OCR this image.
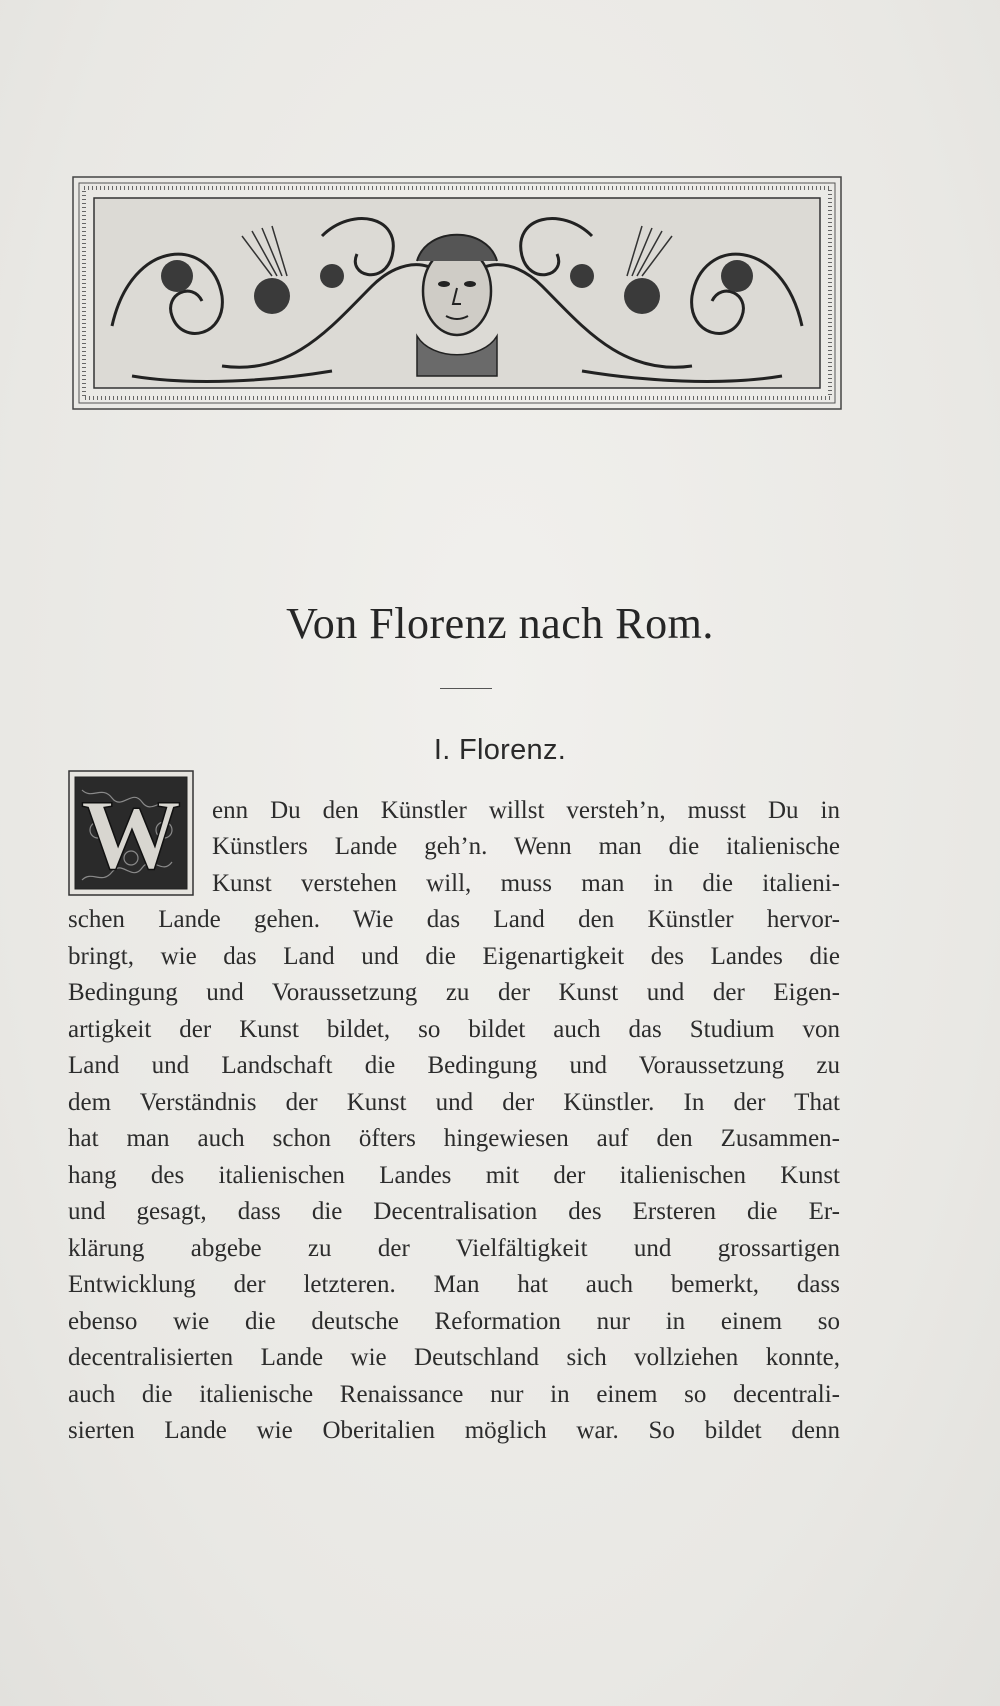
Von Florenz nach Rom.
I. Florenz.
W enn Du den Künstler willst versteh’n, musst Du in

Künstlers Lande geh’n. Wenn man die italienische

Kunst verstehen will, muss man in die italieni-

schen Lande gehen. Wie das Land den Künstler hervor-

bringt, wie das Land und die Eigenartigkeit des Landes die

Bedingung und Voraussetzung zu der Kunst und der Eigen-

artigkeit der Kunst bildet, so bildet auch das Studium von

Land und Landschaft die Bedingung und Voraussetzung zu

dem Verständnis der Kunst und der Künstler. In der That

hat man auch schon öfters hingewiesen auf den Zusammen-

hang des italienischen Landes mit der italienischen Kunst

und gesagt, dass die Decentralisation des Ersteren die Er-

klärung abgebe zu der Vielfältigkeit und grossartigen

Entwicklung der letzteren. Man hat auch bemerkt, dass

ebenso wie die deutsche Reformation nur in einem so

decentralisierten Lande wie Deutschland sich vollziehen konnte,

auch die italienische Renaissance nur in einem so decentrali-

sierten Lande wie Oberitalien möglich war. So bildet denn
